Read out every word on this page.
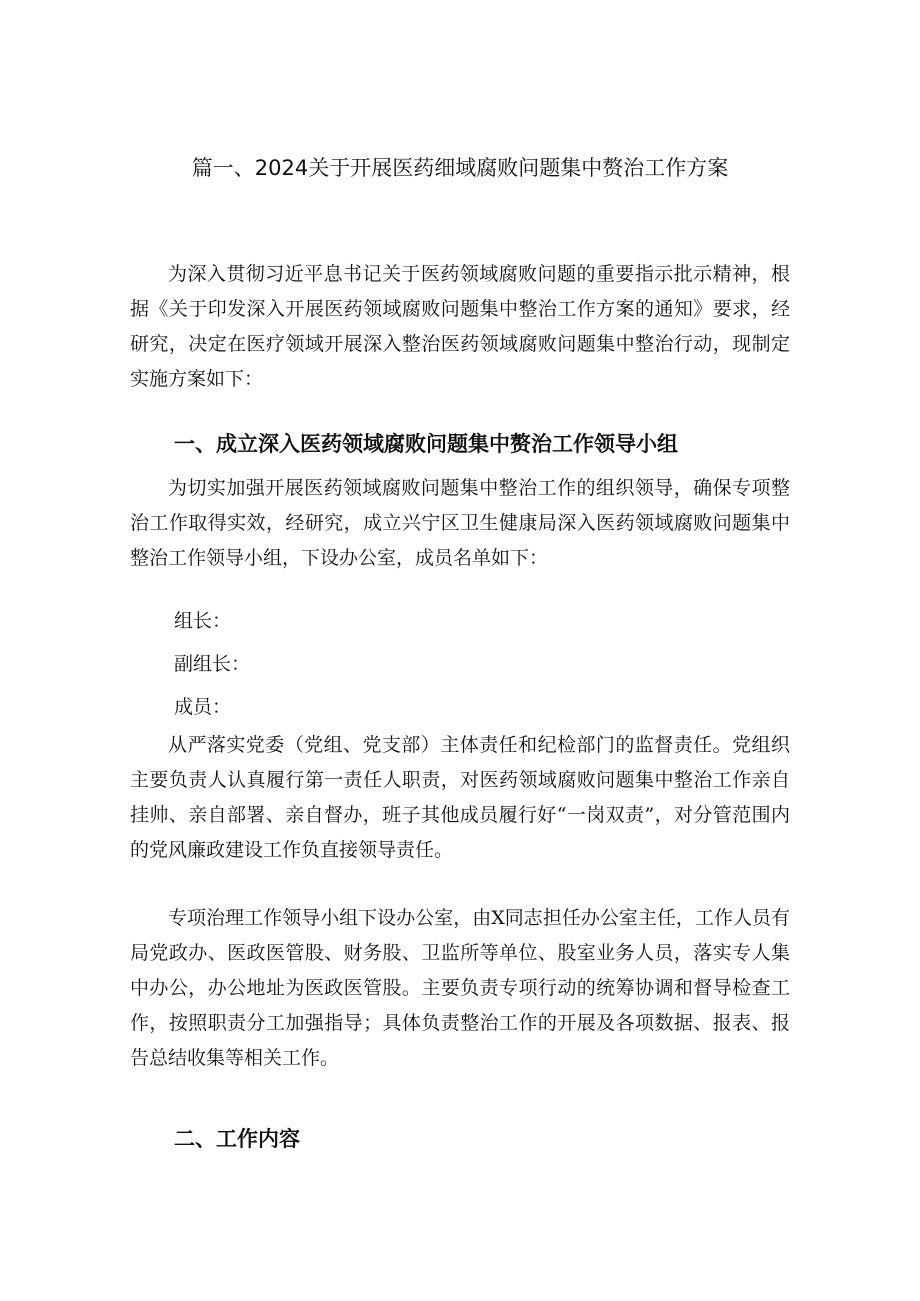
篇一、2024关于开展医药细域腐败问题集中赘治工作方案

为深入贯彻习近平息书记关于医药领域腐败问题的重要指示批示精神，根据《关于印发深入开展医药领域腐败问题集中整治工作方案的通知》要求，经研究，决定在医疗领域开展深入整治医药领域腐败问题集中整治行动，现制定实施方案如下：

一、成立深入医药领域腐败问题集中赘治工作领导小组

为切实加强开展医药领域腐败问题集中整治工作的组织领导，确保专项整治工作取得实效，经研究，成立兴宁区卫生健康局深入医药领域腐败问题集中整治工作领导小组，下设办公室，成员名单如下：

组长：

副组长：

成员：

从严落实党委（党组、党支部）主体责任和纪检部门的监督责任。党组织主要负责人认真履行第一责任人职责，对医药领域腐败问题集中整治工作亲自挂帅、亲自部署、亲自督办，班子其他成员履行好“一岗双责”，对分管范围内的党风廉政建设工作负直接领导责任。

专项治理工作领导小组下设办公室，由X同志担任办公室主任，工作人员有局党政办、医政医管股、财务股、卫监所等单位、股室业务人员，落实专人集中办公，办公地址为医政医管股。主要负责专项行动的统筹协调和督导检查工作，按照职责分工加强指导；具体负责整治工作的开展及各项数据、报表、报告总结收集等相关工作。

二、工作内容
